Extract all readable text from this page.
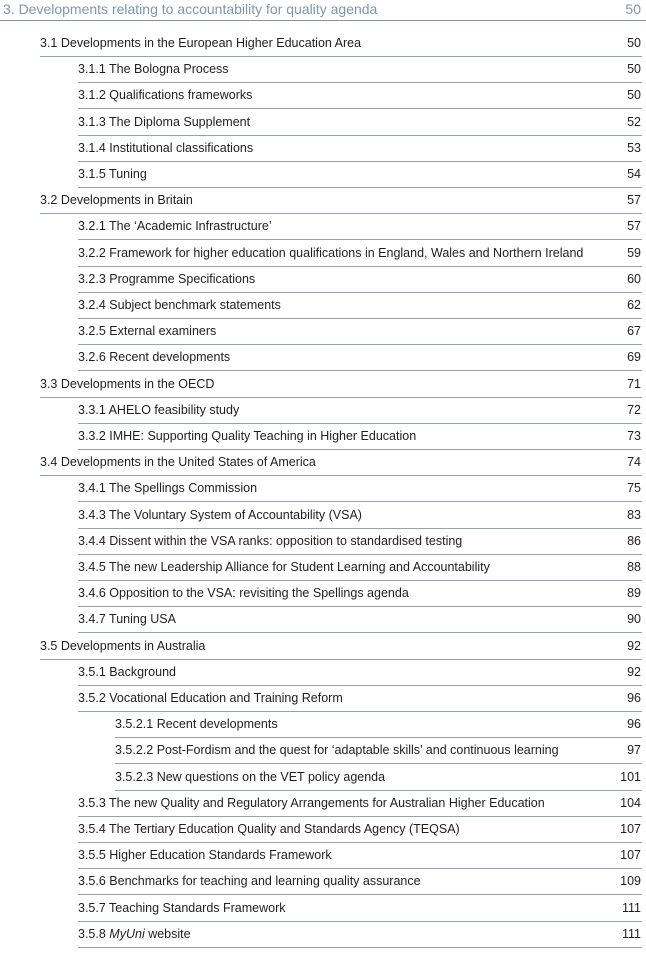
3. Developments relating to accountability for quality agenda	50
3.1 Developments in the European Higher Education Area	50
3.1.1 The Bologna Process	50
3.1.2 Qualifications frameworks	50
3.1.3 The Diploma Supplement	52
3.1.4 Institutional classifications	53
3.1.5 Tuning	54
3.2 Developments in Britain	57
3.2.1 The ‘Academic Infrastructure’	57
3.2.2 Framework for higher education qualifications in England, Wales and Northern Ireland	59
3.2.3 Programme Specifications	60
3.2.4 Subject benchmark statements	62
3.2.5 External examiners	67
3.2.6 Recent developments	69
3.3 Developments in the OECD	71
3.3.1 AHELO feasibility study	72
3.3.2 IMHE: Supporting Quality Teaching in Higher Education	73
3.4 Developments in the United States of America	74
3.4.1 The Spellings Commission	75
3.4.3 The Voluntary System of Accountability (VSA)	83
3.4.4 Dissent within the VSA ranks: opposition to standardised testing	86
3.4.5 The new Leadership Alliance for Student Learning and Accountability	88
3.4.6 Opposition to the VSA: revisiting the Spellings agenda	89
3.4.7 Tuning USA	90
3.5 Developments in Australia	92
3.5.1 Background	92
3.5.2 Vocational Education and Training Reform	96
3.5.2.1 Recent developments	96
3.5.2.2 Post-Fordism and the quest for ‘adaptable skills’ and continuous learning	97
3.5.2.3 New questions on the VET policy agenda	101
3.5.3 The new Quality and Regulatory Arrangements for Australian Higher Education	104
3.5.4 The Tertiary Education Quality and Standards Agency (TEQSA)	107
3.5.5 Higher Education Standards Framework	107
3.5.6 Benchmarks for teaching and learning quality assurance	109
3.5.7 Teaching Standards Framework	111
3.5.8 MyUni website	111
